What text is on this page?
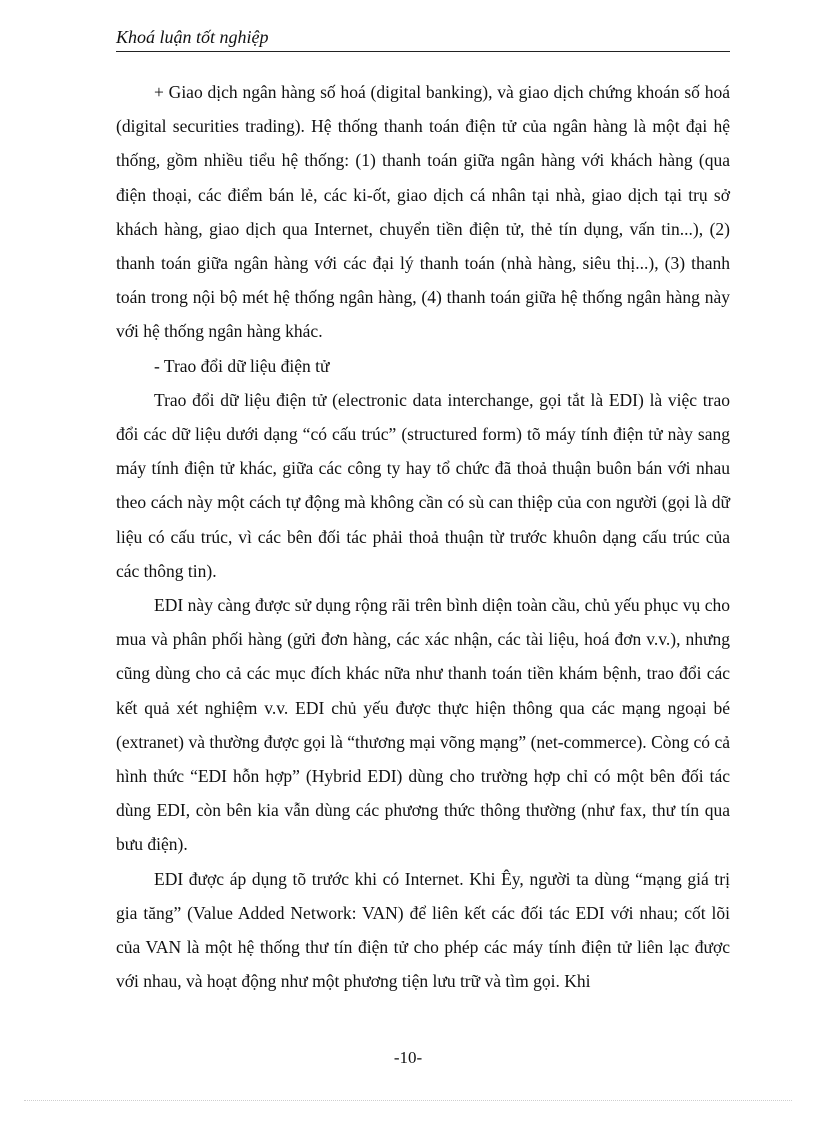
Khoá luận tốt nghiệp

+ Giao dịch ngân hàng số hoá (digital banking), và giao dịch chứng khoán số hoá (digital securities trading). Hệ thống thanh toán điện tử của ngân hàng là một đại hệ thống, gồm nhiều tiểu hệ thống: (1) thanh toán giữa ngân hàng với khách hàng (qua điện thoại, các điểm bán lẻ, các ki-ốt, giao dịch cá nhân tại nhà, giao dịch tại trụ sở khách hàng, giao dịch qua Internet, chuyển tiền điện tử, thẻ tín dụng, vấn tin...), (2) thanh toán giữa ngân hàng với các đại lý thanh toán (nhà hàng, siêu thị...), (3) thanh toán trong nội bộ mét hệ thống ngân hàng, (4) thanh toán giữa hệ thống ngân hàng này với hệ thống ngân hàng khác.

- Trao đổi dữ liệu điện tử

Trao đổi dữ liệu điện tử (electronic data interchange, gọi tắt là EDI) là việc trao đổi các dữ liệu dưới dạng “có cấu trúc” (structured form) tõ máy tính điện tử này sang máy tính điện tử khác, giữa các công ty hay tổ chức đã thoả thuận buôn bán với nhau theo cách này một cách tự động mà không cần có sù can thiệp của con người (gọi là dữ liệu có cấu trúc, vì các bên đối tác phải thoả thuận từ trước khuôn dạng cấu trúc của các thông tin).

EDI này càng được sử dụng rộng rãi trên bình diện toàn cầu, chủ yếu phục vụ cho mua và phân phối hàng (gửi đơn hàng, các xác nhận, các tài liệu, hoá đơn v.v.), nhưng cũng dùng cho cả các mục đích khác nữa như thanh toán tiền khám bệnh, trao đổi các kết quả xét nghiệm v.v. EDI chủ yếu được thực hiện thông qua các mạng ngoại bé (extranet) và thường được gọi là “thương mại võng mạng” (net-commerce). Còng có cả hình thức “EDI hỗn hợp” (Hybrid EDI) dùng cho trường hợp chỉ có một bên đối tác dùng EDI, còn bên kia vẫn dùng các phương thức thông thường (như fax, thư tín qua bưu điện).

EDI được áp dụng tõ trước khi có Internet. Khi Êy, người ta dùng “mạng giá trị gia tăng” (Value Added Network: VAN) để liên kết các đối tác EDI với nhau; cốt lõi của VAN là một hệ thống thư tín điện tử cho phép các máy tính điện tử liên lạc được với nhau, và hoạt động như một phương tiện lưu trữ và tìm gọi. Khi

-10-
